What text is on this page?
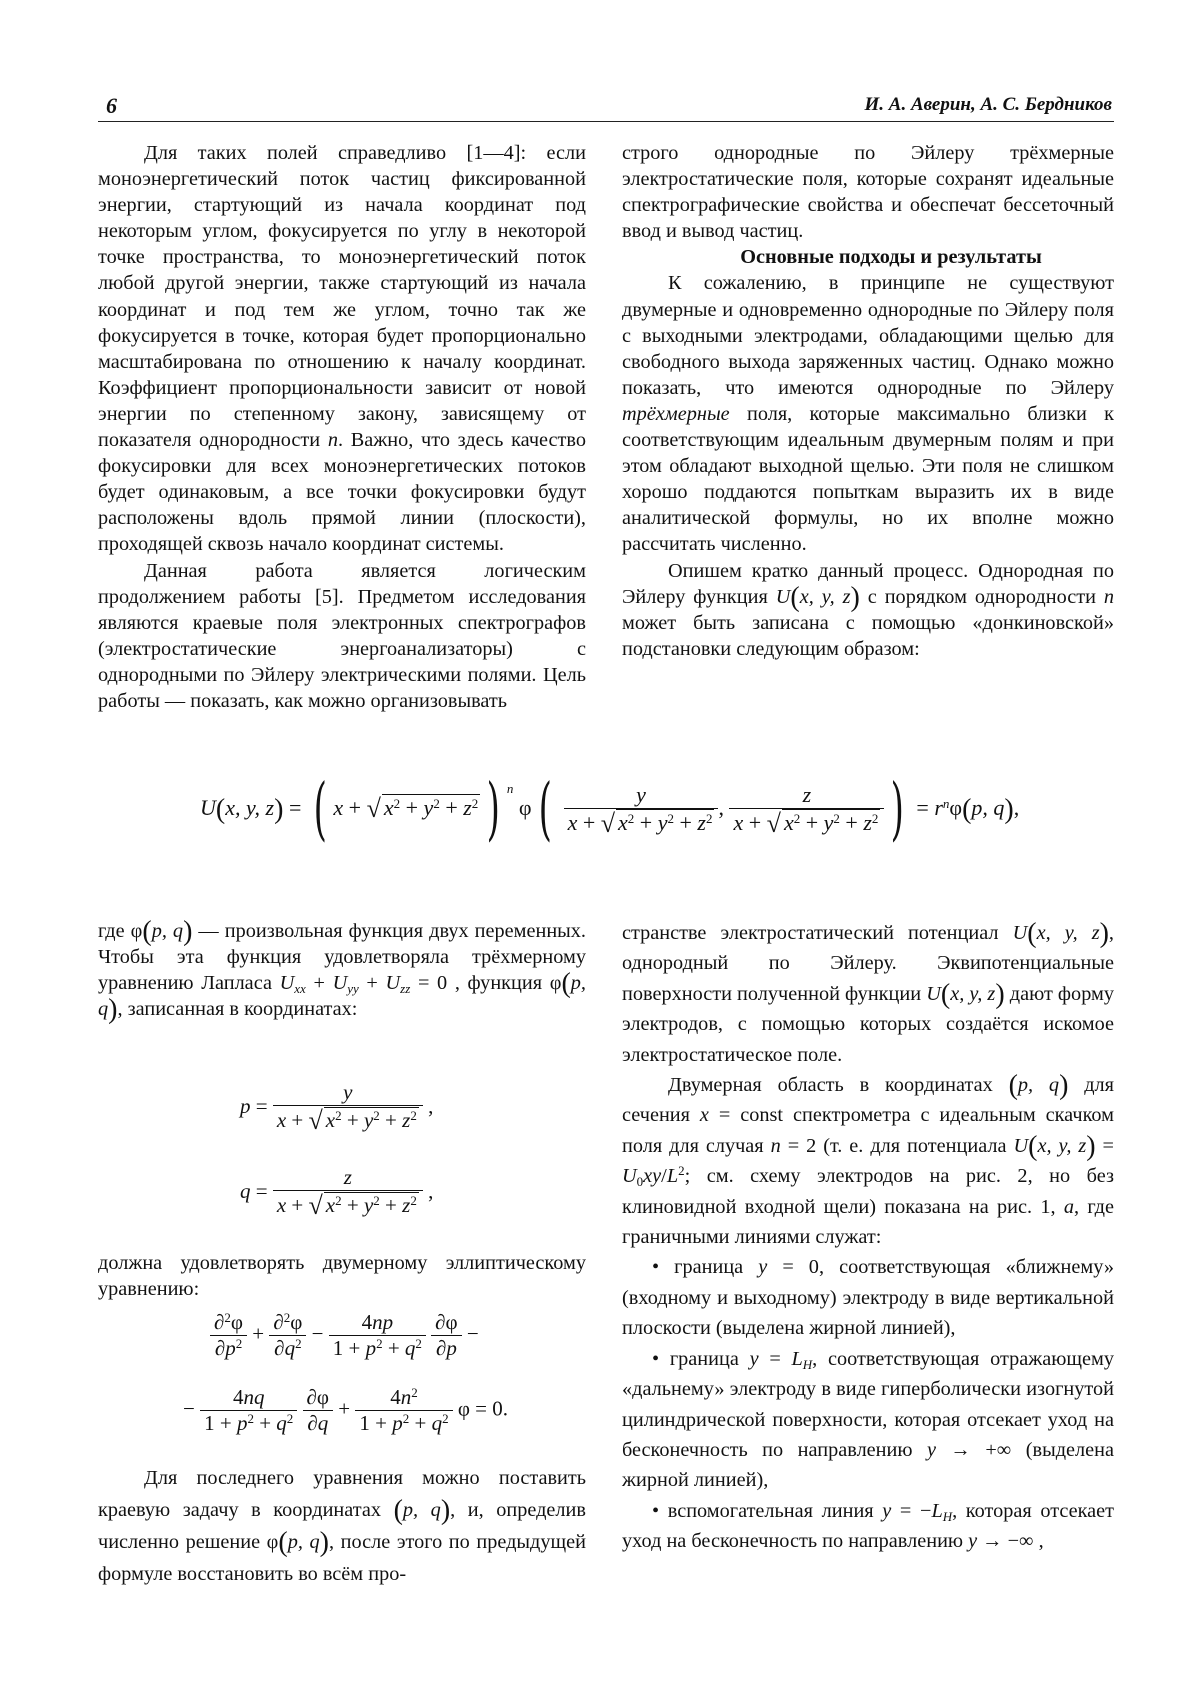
6	И. А. Аверин, А. С. Бердников

Для таких полей справедливо [1—4]: если моноэнергетический поток частиц фиксированной энергии, стартующий из начала координат под некоторым углом, фокусируется по углу в некоторой точке пространства, то моноэнергетический поток любой другой энергии, также стартующий из начала координат и под тем же углом, точно так же фокусируется в точке, которая будет пропорционально масштабирована по отношению к началу координат. Коэффициент пропорциональности зависит от новой энергии по степенному закону, зависящему от показателя однородности n. Важно, что здесь качество фокусировки для всех моноэнергетических потоков будет одинаковым, а все точки фокусировки будут расположены вдоль прямой линии (плоскости), проходящей сквозь начало координат системы.

Данная работа является логическим продолжением работы [5]. Предметом исследования являются краевые поля электронных спектрографов (электростатические энергоанализаторы) с однородными по Эйлеру электрическими полями. Цель работы — показать, как можно организовывать

строго однородные по Эйлеру трёхмерные электростатические поля, которые сохранят идеальные спектрографические свойства и обеспечат бессеточный ввод и вывод частиц.

Основные подходы и результаты

К сожалению, в принципе не существуют двумерные и одновременно однородные по Эйлеру поля с выходными электродами, обладающими щелью для свободного выхода заряженных частиц. Однако можно показать, что имеются однородные по Эйлеру трёхмерные поля, которые максимально близки к соответствующим идеальным двумерным полям и при этом обладают выходной щелью. Эти поля не слишком хорошо поддаются попыткам выразить их в виде аналитической формулы, но их вполне можно рассчитать численно.

Опишем кратко данный процесс. Однородная по Эйлеру функция U(x, y, z) с порядком однородности n может быть записана с помощью «донкиновской» подстановки следующим образом:

U(x, y, z) = ( x + √ $x^2 + y^2 + z^2$ ) $^n$ $\varphi( \frac{y}{x + √ x^2 + y^2 + z^2}$ , $\frac{z}{x + √ x^2 + y^2 + z^2}$ ) = $r^n\varphi(p$, q),

где φ(p, q) — произвольная функция двух переменных. Чтобы эта функция удовлетворяла трёхмерному уравнению Лапласа $U_{xx} + U_{yy} + U_{zz} = 0$ , функция φ(p, q), записанная в координатах:

$p = \frac{y}{x + √ x^2 + y^2 + z^2}$ ,
$q = \frac{z}{x + √ x^2 + y^2 + z^2}$ ,

должна удовлетворять двумерному эллиптическому уравнению:

$\frac{\partial^2\varphi}{\partial p^2} + \frac{\partial^2\varphi}{\partial q^2} - \frac{4np}{1 + p^2 + q^2}$
$\frac{\partial\varphi}{\partial p}$ −
− $\frac{4nq}{1 + p^2 + q^2}$
$\frac{\partial\varphi}{\partial q} + \frac{4n^2}{1 + p^2 + q^2}$ φ = 0.

Для последнего уравнения можно поставить краевую задачу в координатах (p, q), и, определив численно решение φ(p, q), после этого по предыдущей формуле восстановить во всём про-

странстве электростатический потенциал U(x, y, z), однородный по Эйлеру. Эквипотенциальные поверхности полученной функции U(x, y, z) дают форму электродов, с помощью которых создаётся искомое электростатическое поле.

Двумерная область в координатах (p, q) для сечения x = const спектрометра с идеальным скачком поля для случая n = 2 (т. е. для потенциала U(x, y, $z) = U_0xy/L^2$; см. схему электродов на рис. 2, но без клиновидной входной щели) показана на рис. 1, а, где граничными линиями служат:

• граница y = 0, соответствующая «ближнему» (входному и выходному) электроду в виде вертикальной плоскости (выделена жирной линией),

• граница $y = L_H$, соответствующая отражающему «дальнему» электроду в виде гиперболически изогнутой цилиндрической поверхности, которая отсекает уход на бесконечность по направлению y → +∞ (выделена жирной линией),

• вспомогательная линия $y = -L_H$, которая отсекает уход на бесконечность по направлению y → −∞ ,
